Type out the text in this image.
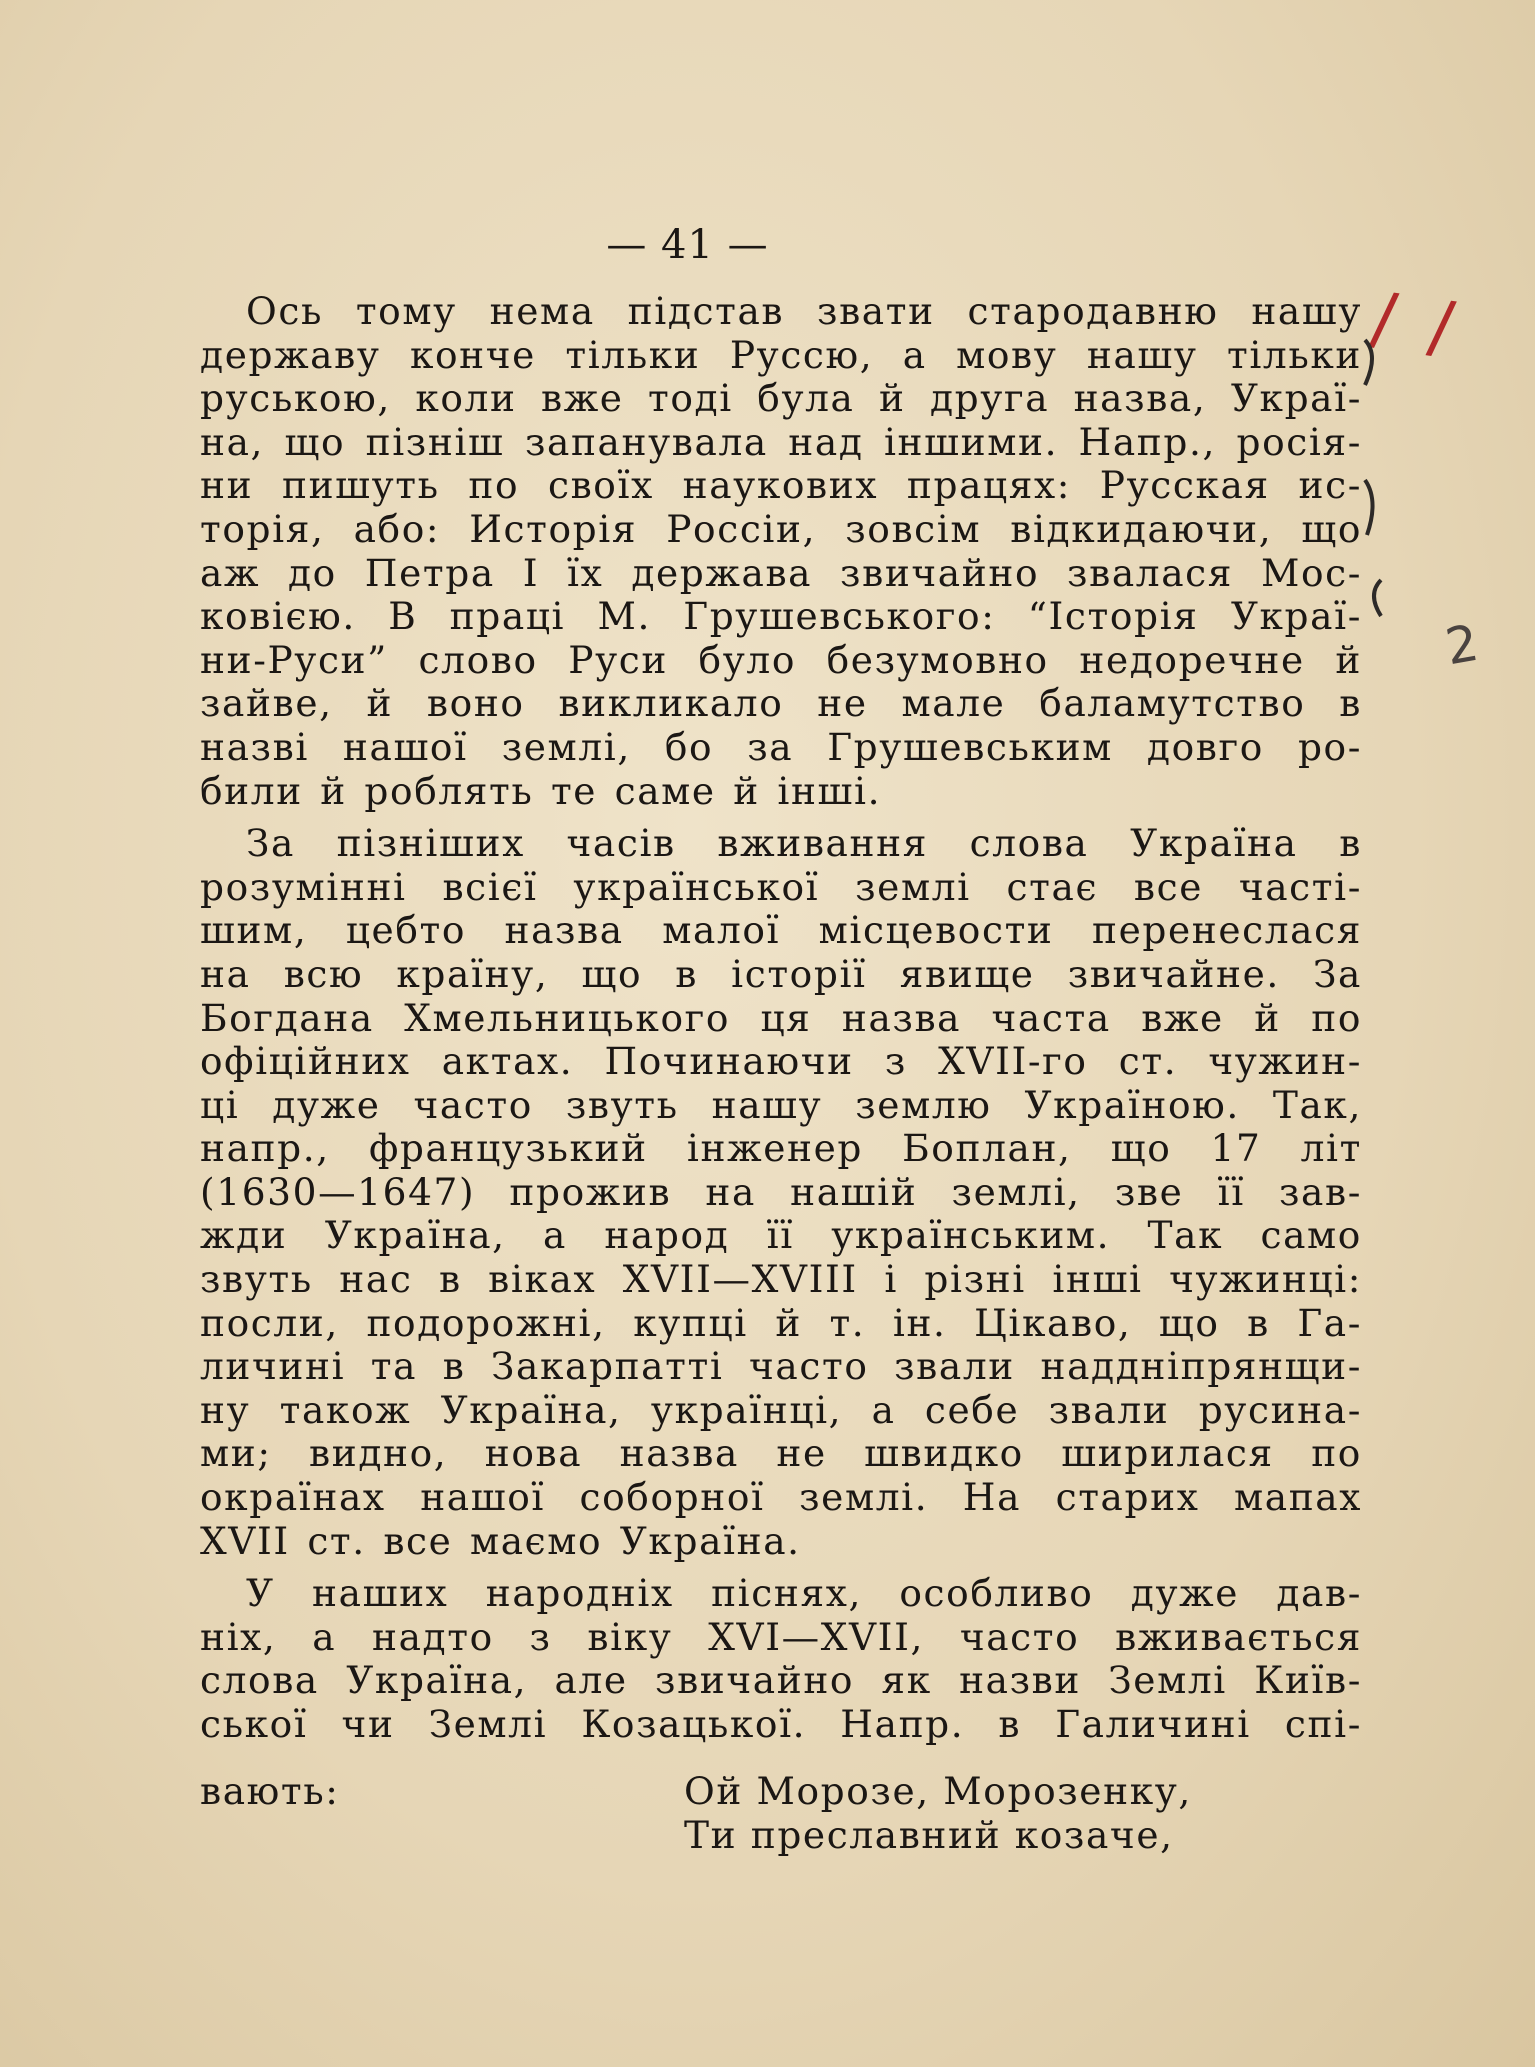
— 41 —
Ось тому нема підстав звати стародавню нашу
державу конче тільки Руссю, а мову нашу тільки
руською, коли вже тоді була й друга назва, Украї-
на, що пізніш запанувала над іншими. Напр., росія-
ни пишуть по своїх наукових працях: Русская ис-
торія, або: Исторія Россіи, зовсім відкидаючи, що
аж до Петра І їх держава звичайно звалася Мос-
ковією. В праці М. Грушевського: “Історія Украї-
ни-Руси” слово Руси було безумовно недоречне й
зайве, й воно викликало не мале баламутство в
назві нашої землі, бо за Грушевським довго ро-
били й роблять те саме й інші.
За пізніших часів вживання слова Україна в
розумінні всієї української землі стає все часті-
шим, цебто назва малої місцевости перенеслася
на всю країну, що в історії явище звичайне. За
Богдана Хмельницького ця назва часта вже й по
офіційних актах. Починаючи з XVII-го ст. чужин-
ці дуже часто звуть нашу землю Україною. Так,
напр., французький інженер Боплан, що 17 літ
(1630—1647) прожив на нашій землі, зве її зав-
жди Україна, а народ її українським. Так само
звуть нас в віках XVII—XVIII і різні інші чужинці:
посли, подорожні, купці й т. ін. Цікаво, що в Га-
личині та в Закарпатті часто звали наддніпрянщи-
ну також Україна, українці, а себе звали русина-
ми; видно, нова назва не швидко ширилася по
окраїнах нашої соборної землі. На старих мапах
XVII ст. все маємо Україна.
У наших народніх піснях, особливо дуже дав-
ніх, а надто з віку XVI—XVII, часто вживається
слова Україна, але звичайно як назви Землі Київ-
ської чи Землі Козацької. Напр. в Галичині спі-
вають:	Ой Морозе, Морозенку,
Ти преславний козаче,
/ /
2
